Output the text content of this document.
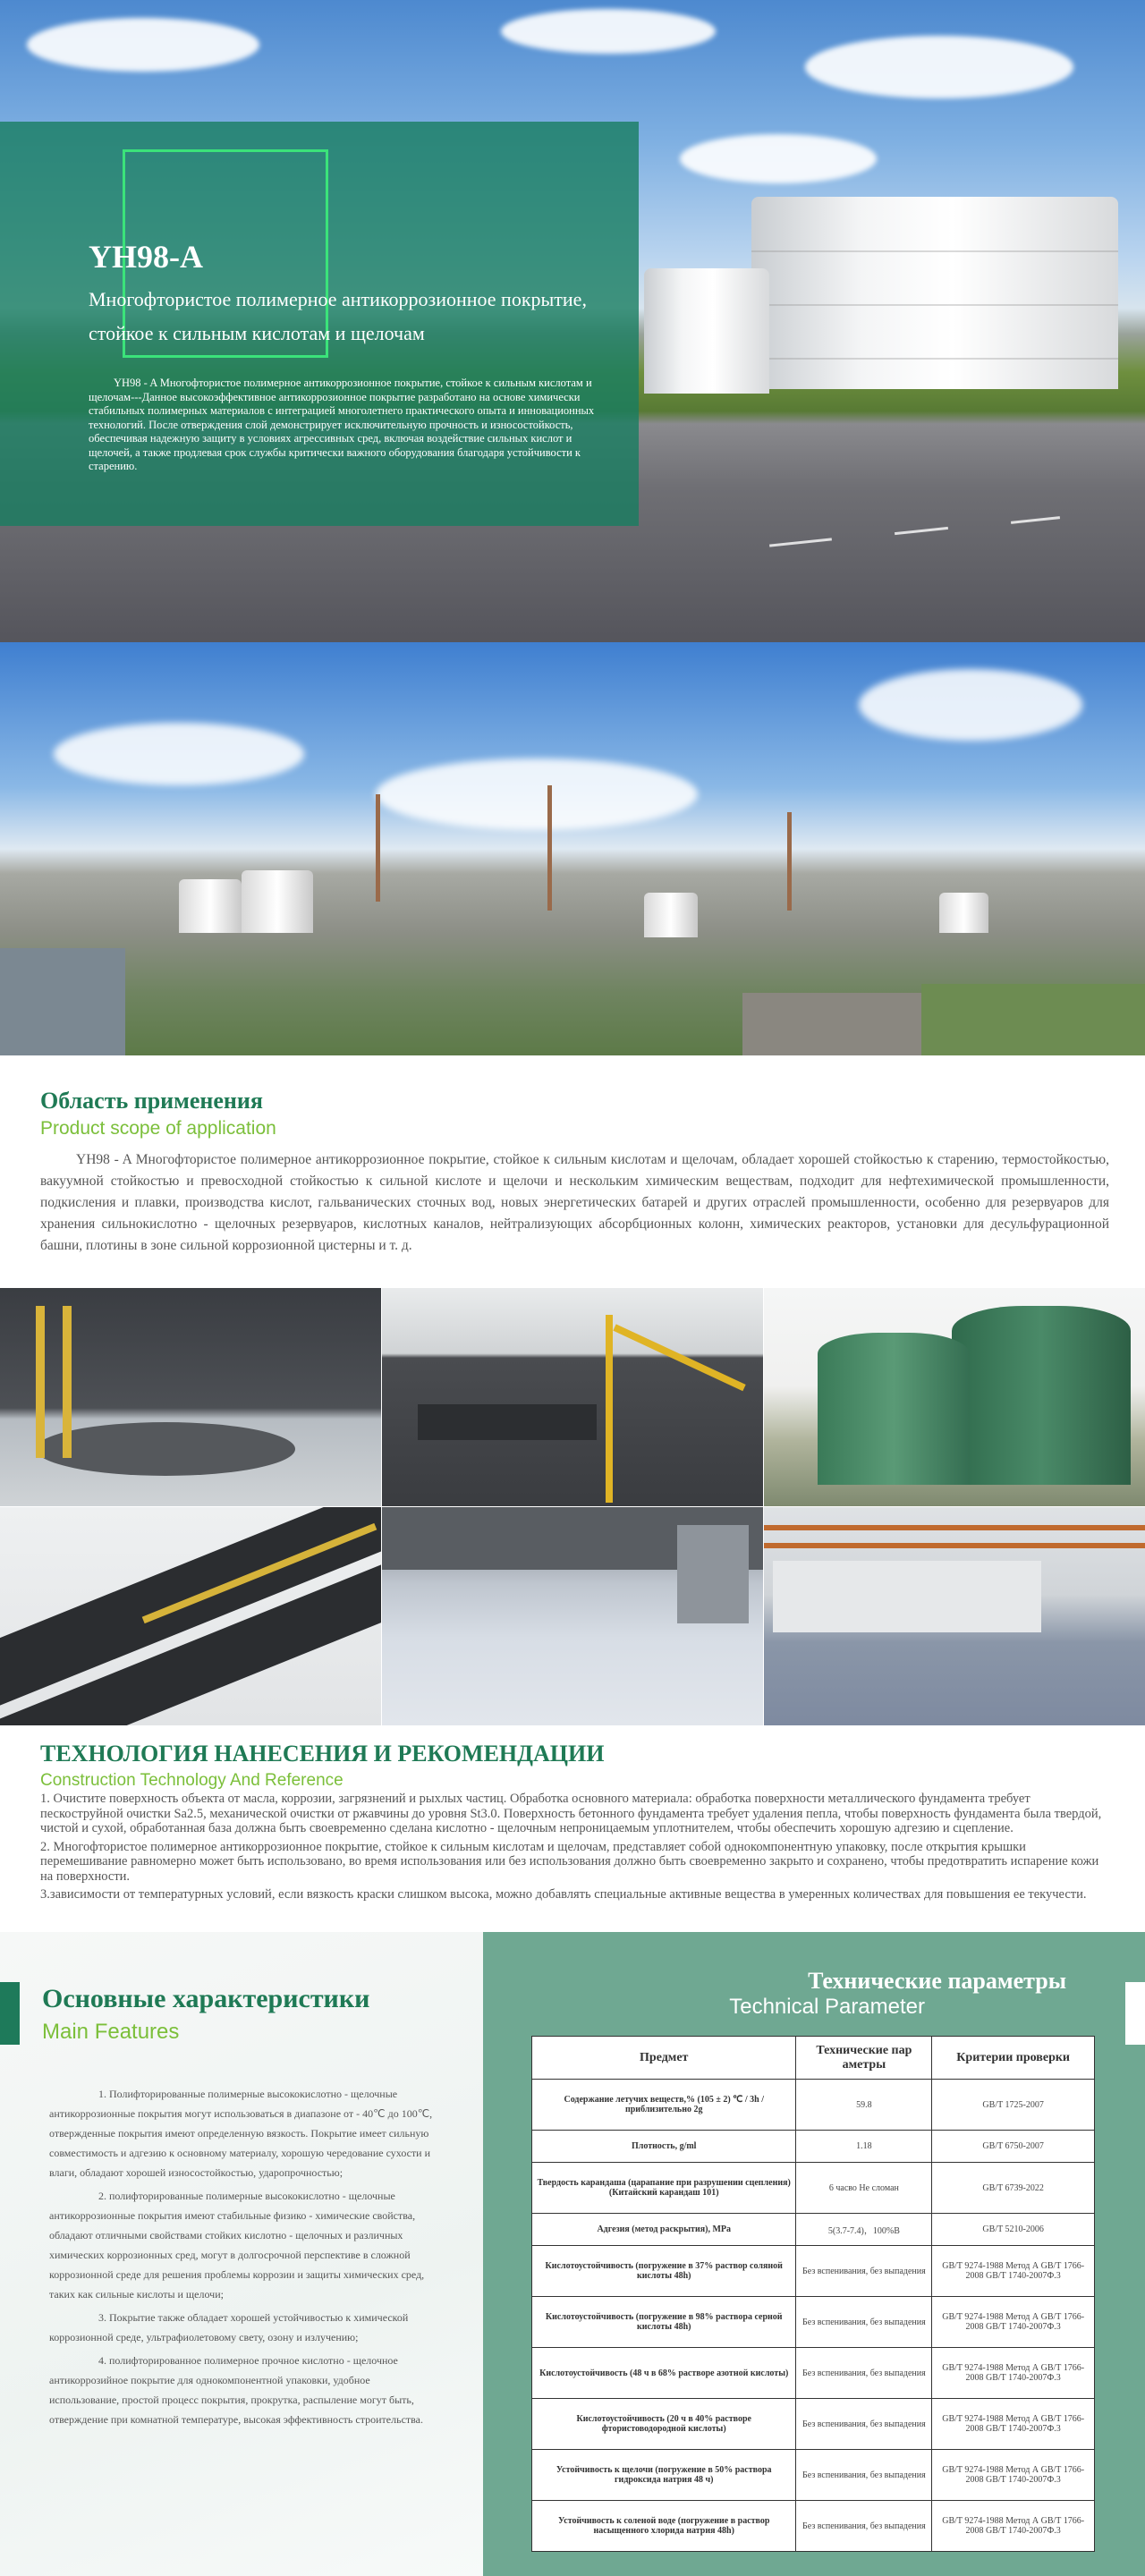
YH98-A
Многофтористое полимерное антикоррозионное покрытие, стойкое к сильным кислотам и щелочам

YH98 - A Многофтористое полимерное антикоррозионное покрытие, стойкое к сильным кислотам и щелочам---Данное высокоэффективное антикоррозионное покрытие разработано на основе химически стабильных полимерных материалов с интеграцией многолетнего практического опыта и инновационных технологий. После отверждения слой демонстрирует исключительную прочность и износостойкость, обеспечивая надежную защиту в условиях агрессивных сред, включая воздействие сильных кислот и щелочей, а также продлевая срок службы критически важного оборудования благодаря устойчивости к старению.

Область применения
Product scope of application

YH98 - A Многофтористое полимерное антикоррозионное покрытие, стойкое к сильным кислотам и щелочам, обладает хорошей стойкостью к старению, термостойкостью, вакуумной стойкостью и превосходной стойкостью к сильной кислоте и щелочи и нескольким химическим веществам, подходит для нефтехимической промышленности, подкисления и плавки, производства кислот, гальванических сточных вод, новых энергетических батарей и других отраслей промышленности, особенно для резервуаров для хранения сильнокислотно - щелочных резервуаров, кислотных каналов, нейтрализующих абсорбционных колонн, химических реакторов, установки для десульфурационной башни, плотины в зоне сильной коррозионной цистерны и т. д.

ТЕХНОЛОГИЯ НАНЕСЕНИЯ И РЕКОМЕНДАЦИИ
Construction Technology And Reference

1. Очистите поверхность объекта от масла, коррозии, загрязнений и рыхлых частиц. Обработка основного материала: обработка поверхности металлического фундамента требует пескоструйной очистки Sa2.5, механической очистки от ржавчины до уровня St3.0. Поверхность бетонного фундамента требует удаления пепла, чтобы поверхность фундамента была твердой, чистой и сухой, обработанная база должна быть своевременно сделана кислотно - щелочным непроницаемым уплотнителем, чтобы обеспечить хорошую адгезию и сцепление.

2. Многофтористое полимерное антикоррозионное покрытие, стойкое к сильным кислотам и щелочам, представляет собой однокомпонентную упаковку, после открытия крышки перемешивание равномерно может быть использовано, во время использования или без использования должно быть своевременно закрыто и сохранено, чтобы предотвратить испарение кожи на поверхности.

3.зависимости от температурных условий, если вязкость краски слишком высока, можно добавлять специальные активные вещества в умеренных количествах для повышения ее текучести.

Основные характеристики
Main Features

1. Полифторированные полимерные высококислотно - щелочные антикоррозионные покрытия могут использоваться в диапазоне от - 40℃ до 100℃, отвержденные покрытия имеют определенную вязкость. Покрытие имеет сильную совместимость и адгезию к основному материалу, хорошую чередование сухости и влаги, обладают хорошей износостойкостью, ударопрочностью;

2. полифторированные полимерные высококислотно - щелочные антикоррозионные покрытия имеют стабильные физико - химические свойства, обладают отличными свойствами стойких кислотно - щелочных и различных химических коррозионных сред, могут в долгосрочной перспективе в сложной коррозионной среде для решения проблемы коррозии и защиты химических сред, таких как сильные кислоты и щелочи;

3. Покрытие также обладает хорошей устойчивостью к химической коррозионной среде, ультрафиолетовому свету, озону и излучению;

4. полифторированное полимерное прочное кислотно - щелочное антикоррозийное покрытие для однокомпонентной упаковки, удобное использование, простой процесс покрытия, прокрутка, распыление могут быть, отверждение при комнатной температуре, высокая эффективность строительства.

Технические параметры
Technical Parameter
Предмет	Технические пар аметры	Критерии проверки
Содержание летучих веществ,% (105 ± 2) ℃ / 3h / приблизительно 2g	59.8	GB/T 1725-2007
Плотность, g/ml	1.18	GB/T 6750-2007
Твердость карандаша (царапание при разрушении сцепления) (Китайский карандаш 101)	6 часво Не сломан	GB/T 6739-2022
Адгезия (метод раскрытия), MPa	5(3.7-7.4)，100%B	GB/T 5210-2006
Кислотоустойчивость (погружение в 37% раствор соляной кислоты 48h)	Без вспенивания, без выпадения	GB/T 9274-1988 Метод А GB/T 1766-2008 GB/T 1740-2007Ф.3
Кислотоустойчивость (погружение в 98% раствора серной кислоты 48h)	Без вспенивания, без выпадения	GB/T 9274-1988 Метод А GB/T 1766-2008 GB/T 1740-2007Ф.3
Кислотоустойчивость (48 ч в 68% растворе азотной кислоты)	Без вспенивания, без выпадения	GB/T 9274-1988 Метод А GB/T 1766-2008 GB/T 1740-2007Ф.3
Кислотоустойчивость (20 ч в 40% растворе фтористоводородной кислоты)	Без вспенивания, без выпадения	GB/T 9274-1988 Метод А GB/T 1766-2008 GB/T 1740-2007Ф.3
Устойчивость к щелочи (погружение в 50% раствора гидроксида натрия 48 ч)	Без вспенивания, без выпадения	GB/T 9274-1988 Метод А GB/T 1766-2008 GB/T 1740-2007Ф.3
Устойчивость к соленой воде (погружение в раствор насыщенного хлорида натрия 48h)	Без вспенивания, без выпадения	GB/T 9274-1988 Метод А GB/T 1766-2008 GB/T 1740-2007Ф.3
